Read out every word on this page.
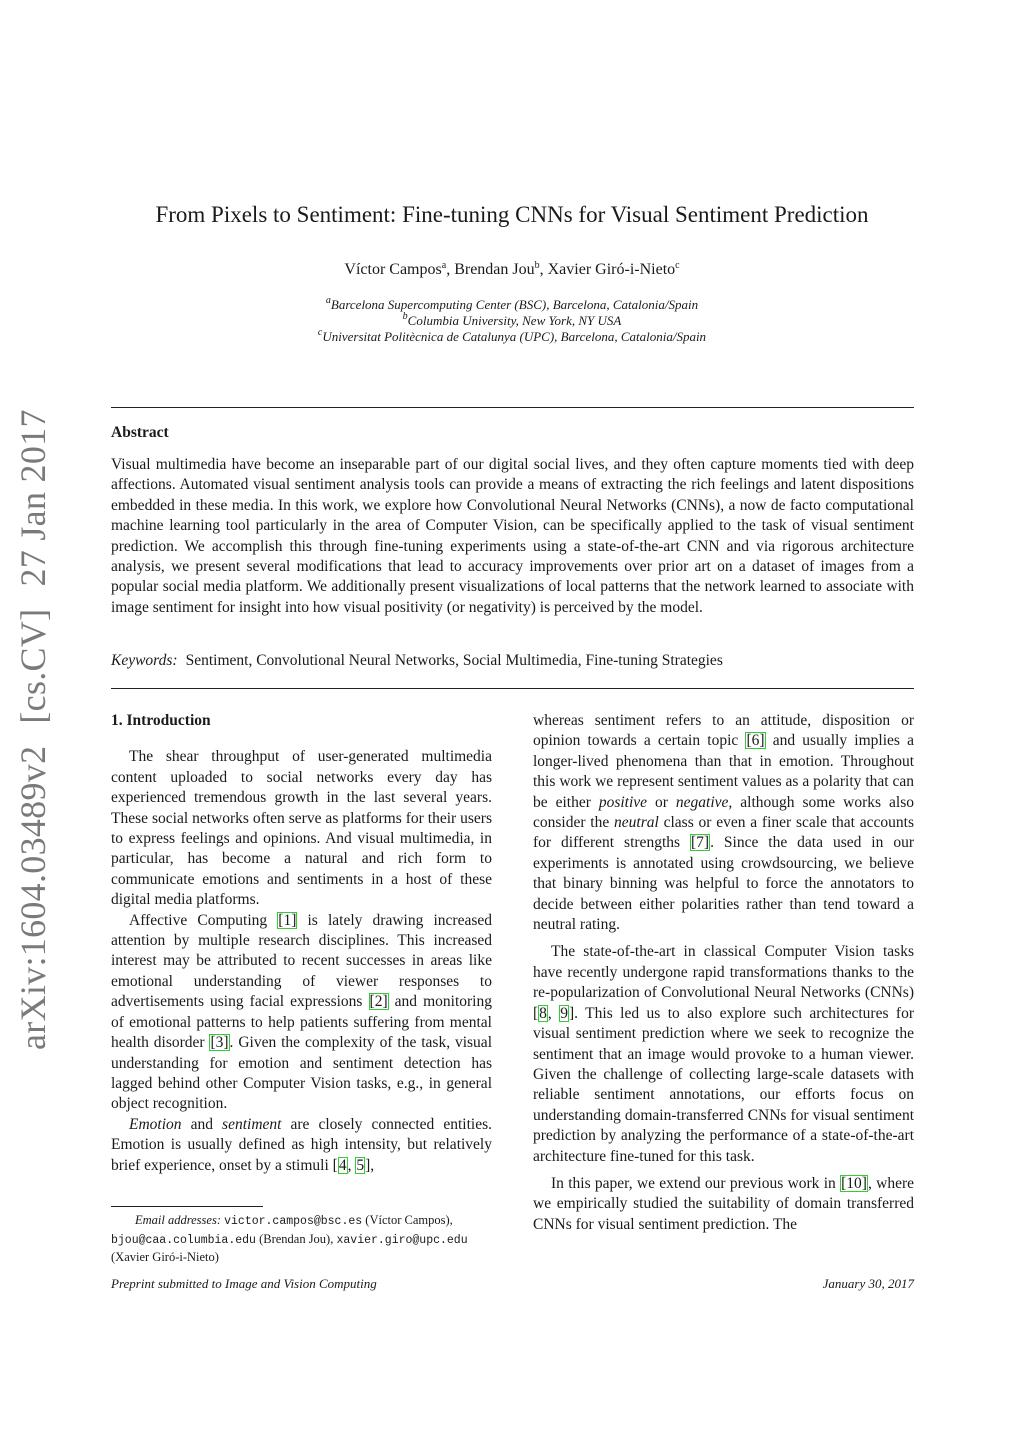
arXiv:1604.03489v2[cs.CV]27 Jan 2017
From Pixels to Sentiment: Fine-tuning CNNs for Visual Sentiment Prediction
Víctor Campos$^a$, Brendan Jou$^b$, Xavier Giró-i-Nieto$^c$
$^a$Barcelona Supercomputing Center (BSC), Barcelona, Catalonia/Spain
$^b$Columbia University, New York, NY USA
$^c$Universitat Politècnica de Catalunya (UPC), Barcelona, Catalonia/Spain
Abstract

Visual multimedia have become an inseparable part of our digital social lives, and they often capture moments tied with deep affections. Automated visual sentiment analysis tools can provide a means of extracting the rich feelings and latent dispositions embedded in these media. In this work, we explore how Convolutional Neural Networks (CNNs), a now de facto computational machine learning tool particularly in the area of Computer Vision, can be specifically applied to the task of visual sentiment prediction. We accomplish this through fine-tuning experiments using a state-of-the-art CNN and via rigorous architecture analysis, we present several modifications that lead to accuracy improvements over prior art on a dataset of images from a popular social media platform. We additionally present visualizations of local patterns that the network learned to associate with image sentiment for insight into how visual positivity (or negativity) is perceived by the model.

Keywords: Sentiment, Convolutional Neural Networks, Social Multimedia, Fine-tuning Strategies
1. Introduction

The shear throughput of user-generated multimedia content uploaded to social networks every day has experienced tremendous growth in the last several years. These social networks often serve as platforms for their users to express feelings and opinions. And visual multimedia, in particular, has become a natural and rich form to communicate emotions and sentiments in a host of these digital media platforms.

Affective Computing [1] is lately drawing increased attention by multiple research disciplines. This increased interest may be attributed to recent successes in areas like emotional understanding of viewer responses to advertisements using facial expressions [2] and monitoring of emotional patterns to help patients suffering from mental health disorder [3]. Given the complexity of the task, visual understanding for emotion and sentiment detection has lagged behind other Computer Vision tasks, e.g., in general object recognition.

Emotion and sentiment are closely connected entities. Emotion is usually defined as high intensity, but relatively brief experience, onset by a stimuli [4, 5],

whereas sentiment refers to an attitude, disposition or opinion towards a certain topic [6] and usually implies a longer-lived phenomena than that in emotion. Throughout this work we represent sentiment values as a polarity that can be either positive or negative, although some works also consider the neutral class or even a finer scale that accounts for different strengths [7]. Since the data used in our experiments is annotated using crowdsourcing, we believe that binary binning was helpful to force the annotators to decide between either polarities rather than tend toward a neutral rating.

The state-of-the-art in classical Computer Vision tasks have recently undergone rapid transformations thanks to the re-popularization of Convolutional Neural Networks (CNNs) [8, 9]. This led us to also explore such architectures for visual sentiment prediction where we seek to recognize the sentiment that an image would provoke to a human viewer. Given the challenge of collecting large-scale datasets with reliable sentiment annotations, our efforts focus on understanding domain-transferred CNNs for visual sentiment prediction by analyzing the performance of a state-of-the-art architecture fine-tuned for this task.

In this paper, we extend our previous work in [10], where we empirically studied the suitability of domain transferred CNNs for visual sentiment prediction. The

Email addresses: victor.campos@bsc.es (Víctor Campos),
bjou@caa.columbia.edu (Brendan Jou), xavier.giro@upc.edu
(Xavier Giró-i-Nieto)
Preprint submitted to Image and Vision Computing	January 30, 2017
